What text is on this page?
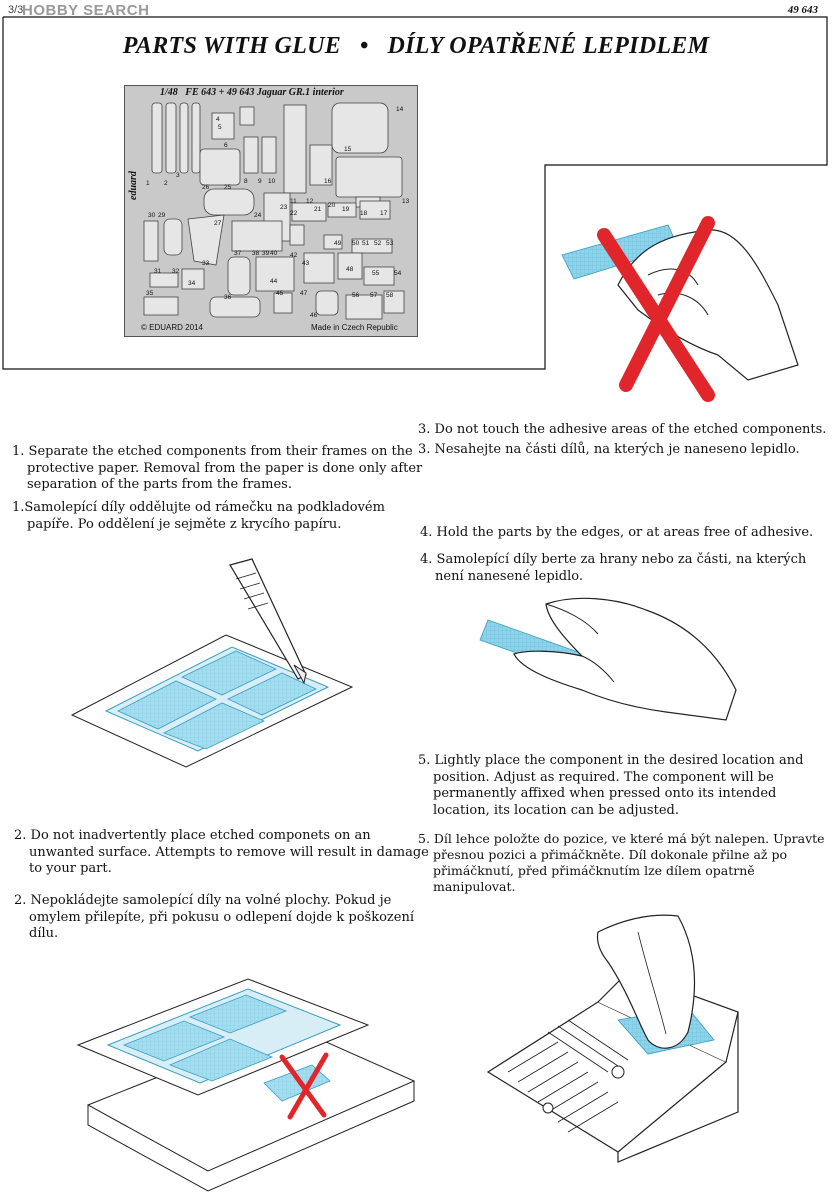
3/3
HOBBY SEARCH	49 643
PARTS WITH GLUE   •   DÍLY OPATŘENÉ LEPIDLEM
1/48   FE 643 + 49 643 Jaguar GR.1 interior
eduard 1 2
3
4
5
6
8 9 10
11 12	13
14
15
16
17
18
19
20
21
22
23
24
25
26
27
29
30
31 32
33
34
35
36
37 38 39 40 42
43
44
45
46
47
48
49 50 51 52 53
54
55
56 57 58
© EDUARD 2014	Made in Czech Republic
1. Separate the etched components from their frames on the protective paper. Removal from the paper is done only after separation of the parts from the frames.
1.Samolepící díly oddělujte od rámečku na podkladovém papíře. Po oddělení je sejměte z krycího papíru.
2. Do not inadvertently place etched componets on an unwanted surface. Attempts to remove will result in damage to your part.
2. Nepokládejte samolepící díly na volné plochy. Pokud je omylem přilepíte, při pokusu o odlepení dojde k poškození dílu.
3. Do not touch the adhesive areas of the etched components.
3. Nesahejte na části dílů, na kterých je naneseno lepidlo.
4. Hold the parts by the edges, or at areas free of adhesive.
4. Samolepící díly berte za hrany nebo za části, na kterých není nanesené lepidlo.
5. Lightly place the component in the desired location and position. Adjust as required. The component will be permanently affixed when pressed onto its intended location, its location can be adjusted.
5. Díl lehce položte do pozice, ve které má být nalepen. Upravte přesnou pozici a přimáčkněte. Díl dokonale přilne až po přimáčknutí, před přimáčknutím lze dílem opatrně manipulovat.
